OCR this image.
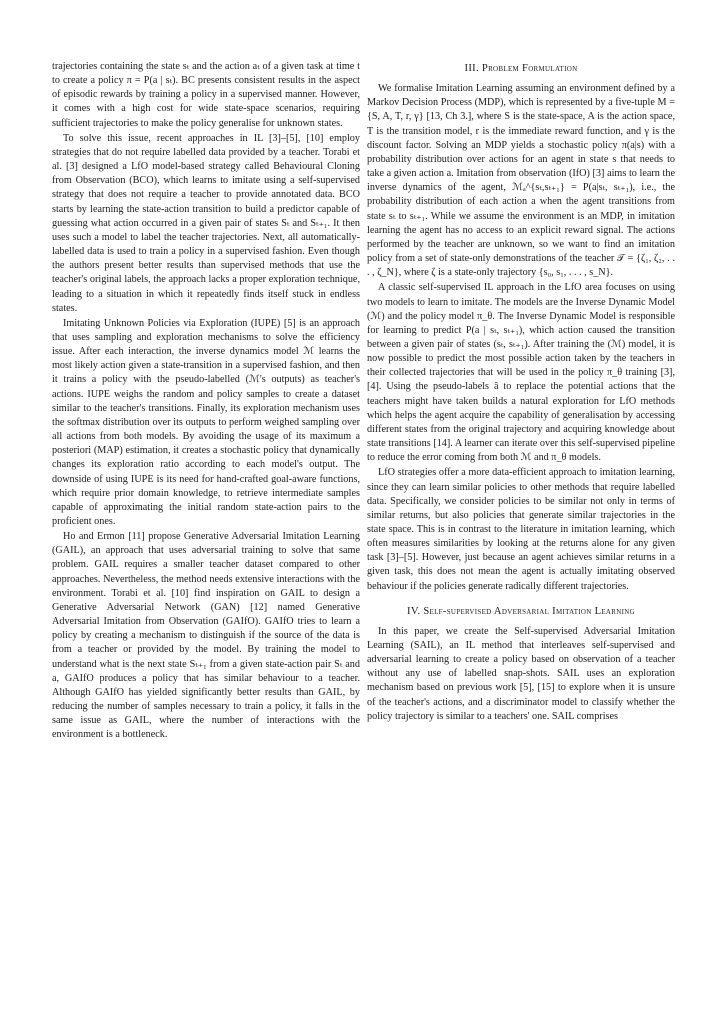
trajectories containing the state sₜ and the action aₜ of a given task at time t to create a policy π = P(a | sₜ). BC presents consistent results in the aspect of episodic rewards by training a policy in a supervised manner. However, it comes with a high cost for wide state-space scenarios, requiring sufficient trajectories to make the policy generalise for unknown states.

To solve this issue, recent approaches in IL [3]–[5], [10] employ strategies that do not require labelled data provided by a teacher. Torabi et al. [3] designed a LfO model-based strategy called Behavioural Cloning from Observation (BCO), which learns to imitate using a self-supervised strategy that does not require a teacher to provide annotated data. BCO starts by learning the state-action transition to build a predictor capable of guessing what action occurred in a given pair of states Sₜ and Sₜ₊₁. It then uses such a model to label the teacher trajectories. Next, all automatically-labelled data is used to train a policy in a supervised fashion. Even though the authors present better results than supervised methods that use the teacher's original labels, the approach lacks a proper exploration technique, leading to a situation in which it repeatedly finds itself stuck in endless states.

Imitating Unknown Policies via Exploration (IUPE) [5] is an approach that uses sampling and exploration mechanisms to solve the efficiency issue. After each interaction, the inverse dynamics model ℳ learns the most likely action given a state-transition in a supervised fashion, and then it trains a policy with the pseudo-labelled (ℳ's outputs) as teacher's actions. IUPE weighs the random and policy samples to create a dataset similar to the teacher's transitions. Finally, its exploration mechanism uses the softmax distribution over its outputs to perform weighed sampling over all actions from both models. By avoiding the usage of its maximum a posteriori (MAP) estimation, it creates a stochastic policy that dynamically changes its exploration ratio according to each model's output. The downside of using IUPE is its need for hand-crafted goal-aware functions, which require prior domain knowledge, to retrieve intermediate samples capable of approximating the initial random state-action pairs to the proficient ones.

Ho and Ermon [11] propose Generative Adversarial Imitation Learning (GAIL), an approach that uses adversarial training to solve that same problem. GAIL requires a smaller teacher dataset compared to other approaches. Nevertheless, the method needs extensive interactions with the environment. Torabi et al. [10] find inspiration on GAIL to design a Generative Adversarial Network (GAN) [12] named Generative Adversarial Imitation from Observation (GAIfO). GAIfO tries to learn a policy by creating a mechanism to distinguish if the source of the data is from a teacher or provided by the model. By training the model to understand what is the next state Sₜ₊₁ from a given state-action pair Sₜ and a, GAIfO produces a policy that has similar behaviour to a teacher. Although GAIfO has yielded significantly better results than GAIL, by reducing the number of samples necessary to train a policy, it falls in the same issue as GAIL, where the number of interactions with the environment is a bottleneck.

III. Problem Formulation

We formalise Imitation Learning assuming an environment defined by a Markov Decision Process (MDP), which is represented by a five-tuple M = {S, A, T, r, γ} [13, Ch 3.], where S is the state-space, A is the action space, T is the transition model, r is the immediate reward function, and γ is the discount factor. Solving an MDP yields a stochastic policy π(a|s) with a probability distribution over actions for an agent in state s that needs to take a given action a. Imitation from observation (IfO) [3] aims to learn the inverse dynamics of the agent, ℳₐ^{sₜ,sₜ₊₁} = P(a|sₜ, sₜ₊₁), i.e., the probability distribution of each action a when the agent transitions from state sₜ to sₜ₊₁. While we assume the environment is an MDP, in imitation learning the agent has no access to an explicit reward signal. The actions performed by the teacher are unknown, so we want to find an imitation policy from a set of state-only demonstrations of the teacher 𝒯 = {ζ₁, ζ₂, . . . , ζ_N}, where ζ is a state-only trajectory {s₀, s₁, . . . , s_N}.

A classic self-supervised IL approach in the LfO area focuses on using two models to learn to imitate. The models are the Inverse Dynamic Model (ℳ) and the policy model π_θ. The Inverse Dynamic Model is responsible for learning to predict P(a | sₜ, sₜ₊₁), which action caused the transition between a given pair of states (sₜ, sₜ₊₁). After training the (ℳ) model, it is now possible to predict the most possible action taken by the teachers in their collected trajectories that will be used in the policy π_θ training [3], [4]. Using the pseudo-labels â to replace the potential actions that the teachers might have taken builds a natural exploration for LfO methods which helps the agent acquire the capability of generalisation by accessing different states from the original trajectory and acquiring knowledge about state transitions [14]. A learner can iterate over this self-supervised pipeline to reduce the error coming from both ℳ and π_θ models.

LfO strategies offer a more data-efficient approach to imitation learning, since they can learn similar policies to other methods that require labelled data. Specifically, we consider policies to be similar not only in terms of similar returns, but also policies that generate similar trajectories in the state space. This is in contrast to the literature in imitation learning, which often measures similarities by looking at the returns alone for any given task [3]–[5]. However, just because an agent achieves similar returns in a given task, this does not mean the agent is actually imitating observed behaviour if the policies generate radically different trajectories.

IV. Self-supervised Adversarial Imitation Learning

In this paper, we create the Self-supervised Adversarial Imitation Learning (SAIL), an IL method that interleaves self-supervised and adversarial learning to create a policy based on observation of a teacher without any use of labelled snap-shots. SAIL uses an exploration mechanism based on previous work [5], [15] to explore when it is unsure of the teacher's actions, and a discriminator model to classify whether the policy trajectory is similar to a teachers' one. SAIL comprises
